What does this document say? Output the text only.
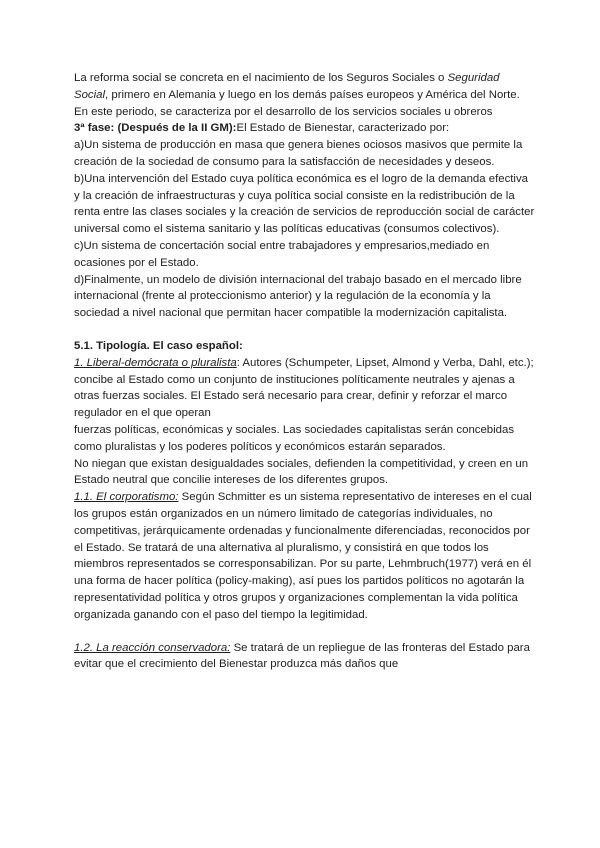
La reforma social se concreta en el nacimiento de los Seguros Sociales o Seguridad Social, primero en Alemania y luego en los demás países europeos y América del Norte.

En este periodo, se caracteriza por el desarrollo de los servicios sociales u obreros

3ª fase: (Después de la II GM):El Estado de Bienestar, caracterizado por:

a)Un sistema de producción en masa que genera bienes ociosos masivos que permite la creación de la sociedad de consumo para la satisfacción de necesidades y deseos.

b)Una intervención del Estado cuya política económica es el logro de la demanda efectiva y la creación de infraestructuras y cuya política social consiste en la redistribución de la renta entre las clases sociales y la creación de servicios de reproducción social de carácter universal como el sistema sanitario y las políticas educativas (consumos colectivos).

c)Un sistema de concertación social entre trabajadores y empresarios,mediado en ocasiones por el Estado.

d)Finalmente, un modelo de división internacional del trabajo basado en el mercado libre internacional (frente al proteccionismo anterior) y la regulación de la economía y la sociedad a nivel nacional que permitan hacer compatible la modernización capitalista.

5.1. Tipología. El caso español:

1. Liberal-demócrata o pluralista: Autores (Schumpeter, Lipset, Almond y Verba, Dahl, etc.); concibe al Estado como un conjunto de instituciones políticamente neutrales y ajenas a otras fuerzas sociales. El Estado será necesario para crear, definir y reforzar el marco regulador en el que operan

fuerzas políticas, económicas y sociales. Las sociedades capitalistas serán concebidas como pluralistas y los poderes políticos y económicos estarán separados.

No niegan que existan desigualdades sociales, defienden la competitividad, y creen en un Estado neutral que concilie intereses de los diferentes grupos.

1.1. El corporatismo: Según Schmitter es un sistema representativo de intereses en el cual los grupos están organizados en un número limitado de categorías individuales, no competitivas, jerárquicamente ordenadas y funcionalmente diferenciadas, reconocidos por el Estado. Se tratará de una alternativa al pluralismo, y consistirá en que todos los miembros representados se corresponsabilizan. Por su parte, Lehmbruch(1977) verá en él una forma de hacer política (policy-making), así pues los partidos políticos no agotarán la representatividad política y otros grupos y organizaciones complementan la vida política organizada ganando con el paso del tiempo la legitimidad.

1.2. La reacción conservadora: Se tratará de un repliegue de las fronteras del Estado para evitar que el crecimiento del Bienestar produzca más daños que
